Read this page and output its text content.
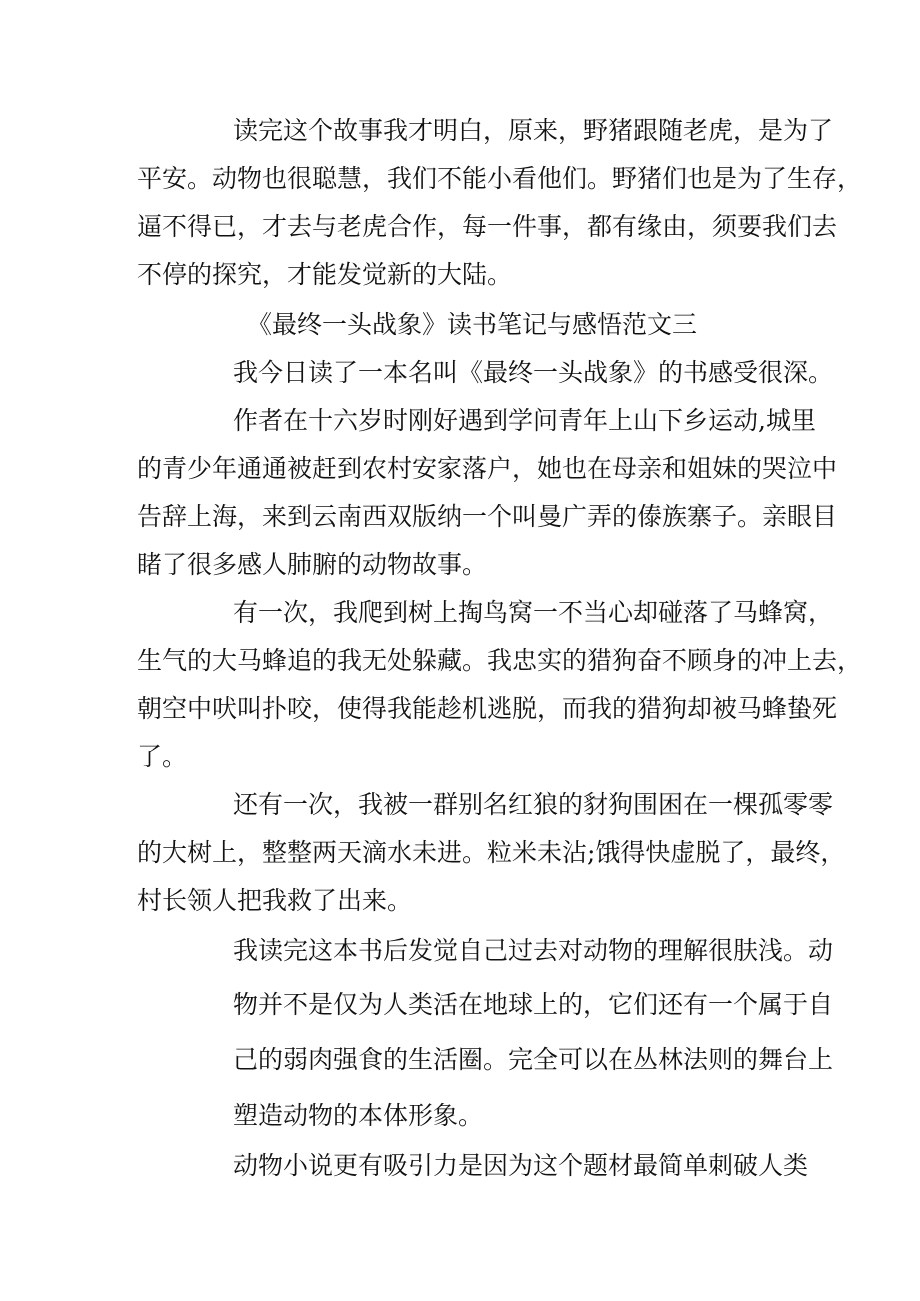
读完这个故事我才明白，原来，野猪跟随老虎，是为了
平安。动物也很聪慧，我们不能小看他们。野猪们也是为了生存，
逼不得已，才去与老虎合作，每一件事，都有缘由，须要我们去
不停的探究，才能发觉新的大陆。
《最终一头战象》读书笔记与感悟范文三
我今日读了一本名叫《最终一头战象》的书感受很深。
作者在十六岁时刚好遇到学问青年上山下乡运动,城里
的青少年通通被赶到农村安家落户，她也在母亲和姐妹的哭泣中
告辞上海，来到云南西双版纳一个叫曼广弄的傣族寨子。亲眼目
睹了很多感人肺腑的动物故事。
有一次，我爬到树上掏鸟窝一不当心却碰落了马蜂窝，
生气的大马蜂追的我无处躲藏。我忠实的猎狗奋不顾身的冲上去，
朝空中吠叫扑咬，使得我能趁机逃脱，而我的猎狗却被马蜂蛰死
了。
还有一次，我被一群别名红狼的豺狗围困在一棵孤零零
的大树上，整整两天滴水未进。粒米未沾;饿得快虚脱了，最终，
村长领人把我救了出来。
我读完这本书后发觉自己过去对动物的理解很肤浅。动
物并不是仅为人类活在地球上的，它们还有一个属于自
己的弱肉强食的生活圈。完全可以在丛林法则的舞台上
塑造动物的本体形象。
动物小说更有吸引力是因为这个题材最简单刺破人类
